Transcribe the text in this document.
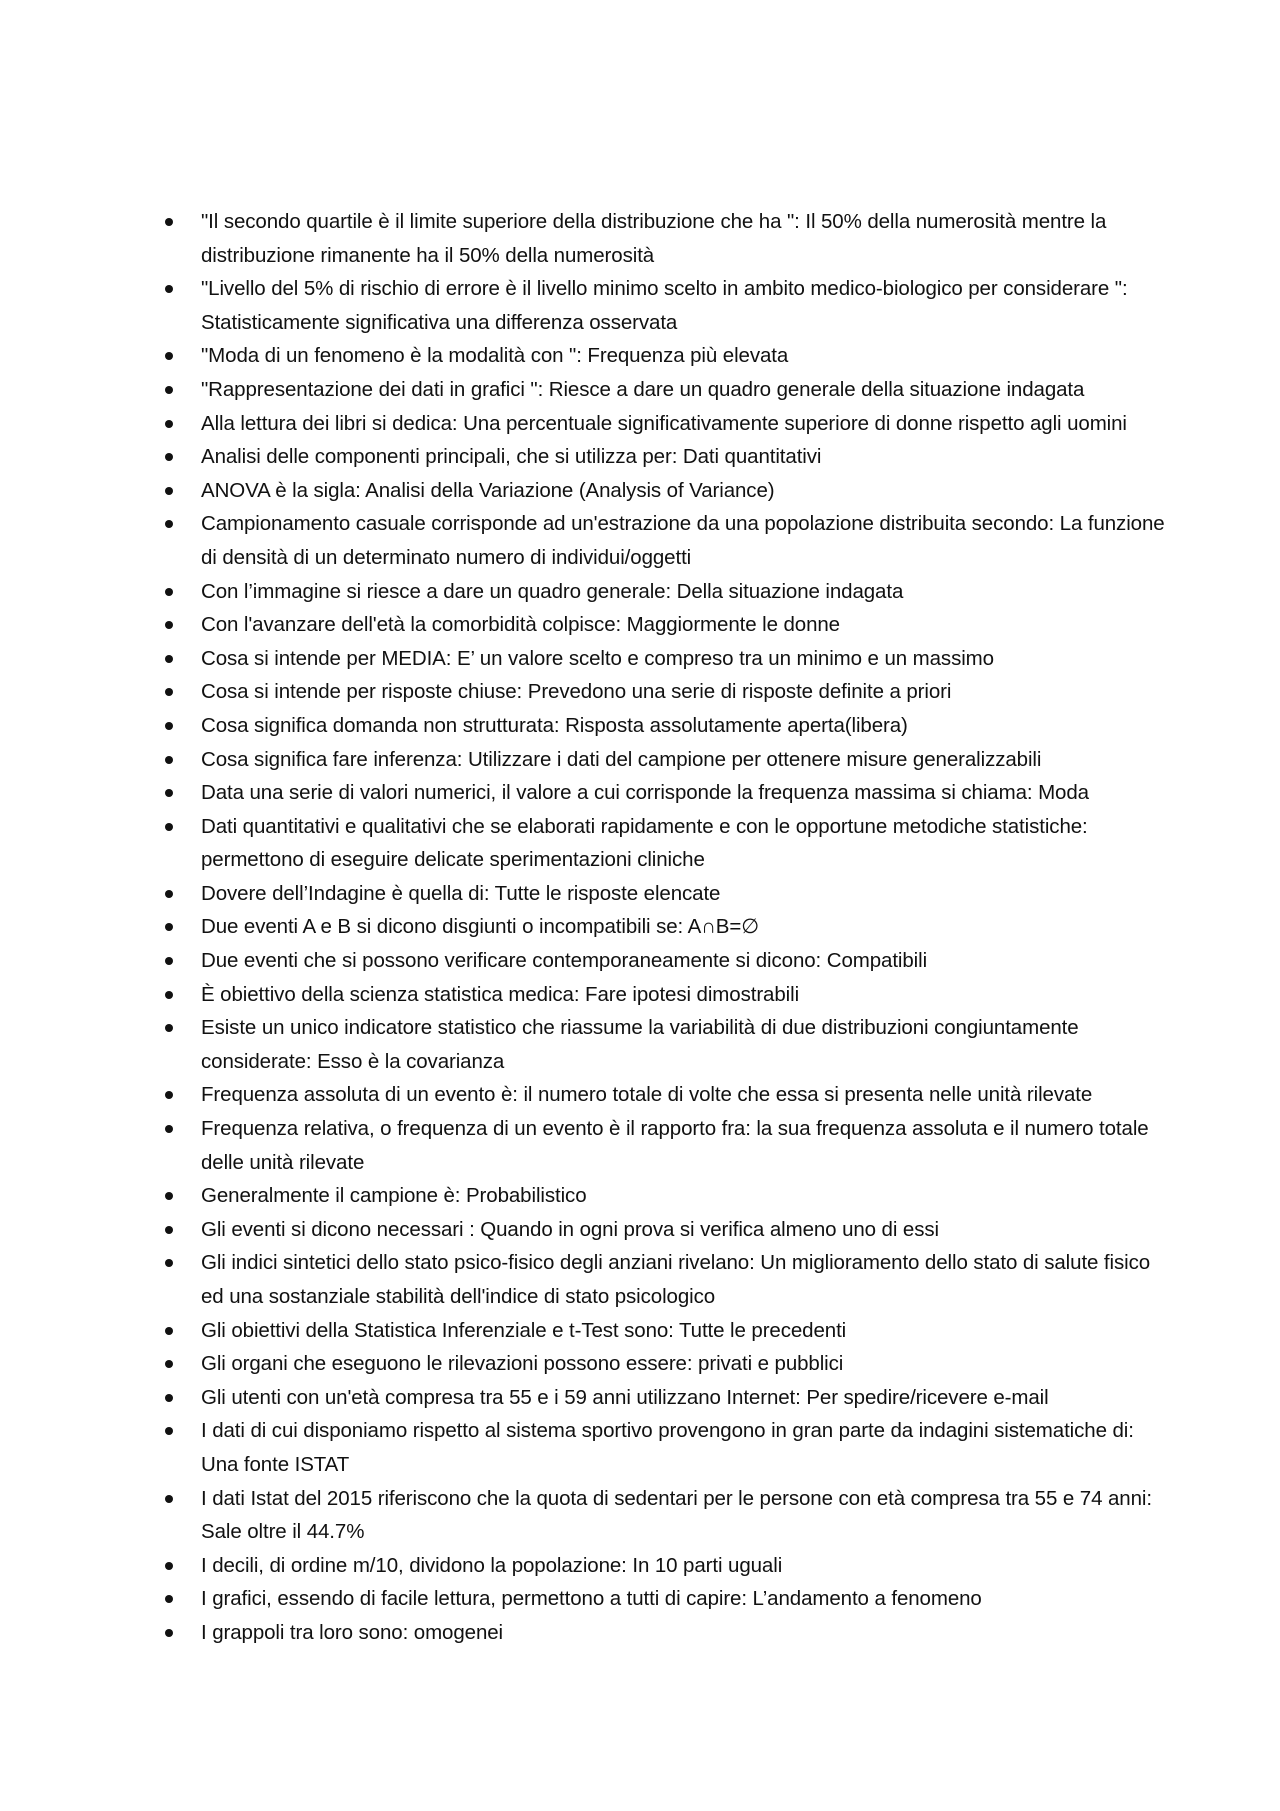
"Il secondo quartile è il limite superiore della distribuzione che ha ": Il 50% della numerosità mentre la distribuzione rimanente ha il 50% della numerosità
"Livello del 5% di rischio di errore è il livello minimo scelto in ambito medico-biologico per considerare ": Statisticamente significativa una differenza osservata
"Moda di un fenomeno è la modalità con ": Frequenza più elevata
"Rappresentazione dei dati in grafici ": Riesce a dare un quadro generale della situazione indagata
Alla lettura dei libri si dedica: Una percentuale significativamente superiore di donne rispetto agli uomini
Analisi delle componenti principali, che si utilizza per: Dati quantitativi
ANOVA è la sigla: Analisi della Variazione (Analysis of Variance)
Campionamento casuale corrisponde ad un'estrazione da una popolazione distribuita secondo: La funzione di densità di un determinato numero di individui/oggetti
Con l’immagine si riesce a dare un quadro generale: Della situazione indagata
Con l'avanzare dell'età la comorbidità colpisce: Maggiormente le donne
Cosa si intende per MEDIA: E’ un valore scelto e compreso tra un minimo e un massimo
Cosa si intende per risposte chiuse: Prevedono una serie di risposte definite a priori
Cosa significa domanda non strutturata: Risposta assolutamente aperta(libera)
Cosa significa fare inferenza: Utilizzare i dati del campione per ottenere misure generalizzabili
Data una serie di valori numerici, il valore a cui corrisponde la frequenza massima si chiama: Moda
Dati quantitativi e qualitativi che se elaborati rapidamente e con le opportune metodiche statistiche: permettono di eseguire delicate sperimentazioni cliniche
Dovere dell’Indagine è quella di: Tutte le risposte elencate
Due eventi A e B si dicono disgiunti o incompatibili se: A∩B=∅
Due eventi che si possono verificare contemporaneamente si dicono: Compatibili
È obiettivo della scienza statistica medica: Fare ipotesi dimostrabili
Esiste un unico indicatore statistico che riassume la variabilità di due distribuzioni congiuntamente considerate: Esso è la covarianza
Frequenza assoluta di un evento è: il numero totale di volte che essa si presenta nelle unità rilevate
Frequenza relativa, o frequenza di un evento è il rapporto fra: la sua frequenza assoluta e il numero totale delle unità rilevate
Generalmente il campione è: Probabilistico
Gli eventi si dicono necessari : Quando in ogni prova si verifica almeno uno di essi
Gli indici sintetici dello stato psico-fisico degli anziani rivelano: Un miglioramento dello stato di salute fisico ed una sostanziale stabilità dell'indice di stato psicologico
Gli obiettivi della Statistica Inferenziale e t-Test sono: Tutte le precedenti
Gli organi che eseguono le rilevazioni possono essere: privati e pubblici
Gli utenti con un'età compresa tra 55 e i 59 anni utilizzano Internet: Per spedire/ricevere e-mail
I dati di cui disponiamo rispetto al sistema sportivo provengono in gran parte da indagini sistematiche di: Una fonte ISTAT
I dati Istat del 2015 riferiscono che la quota di sedentari per le persone con età compresa tra 55 e 74 anni: Sale oltre il 44.7%
I decili, di ordine m/10, dividono la popolazione: In 10 parti uguali
I grafici, essendo di facile lettura, permettono a tutti di capire: L’andamento a fenomeno
I grappoli tra loro sono: omogenei
